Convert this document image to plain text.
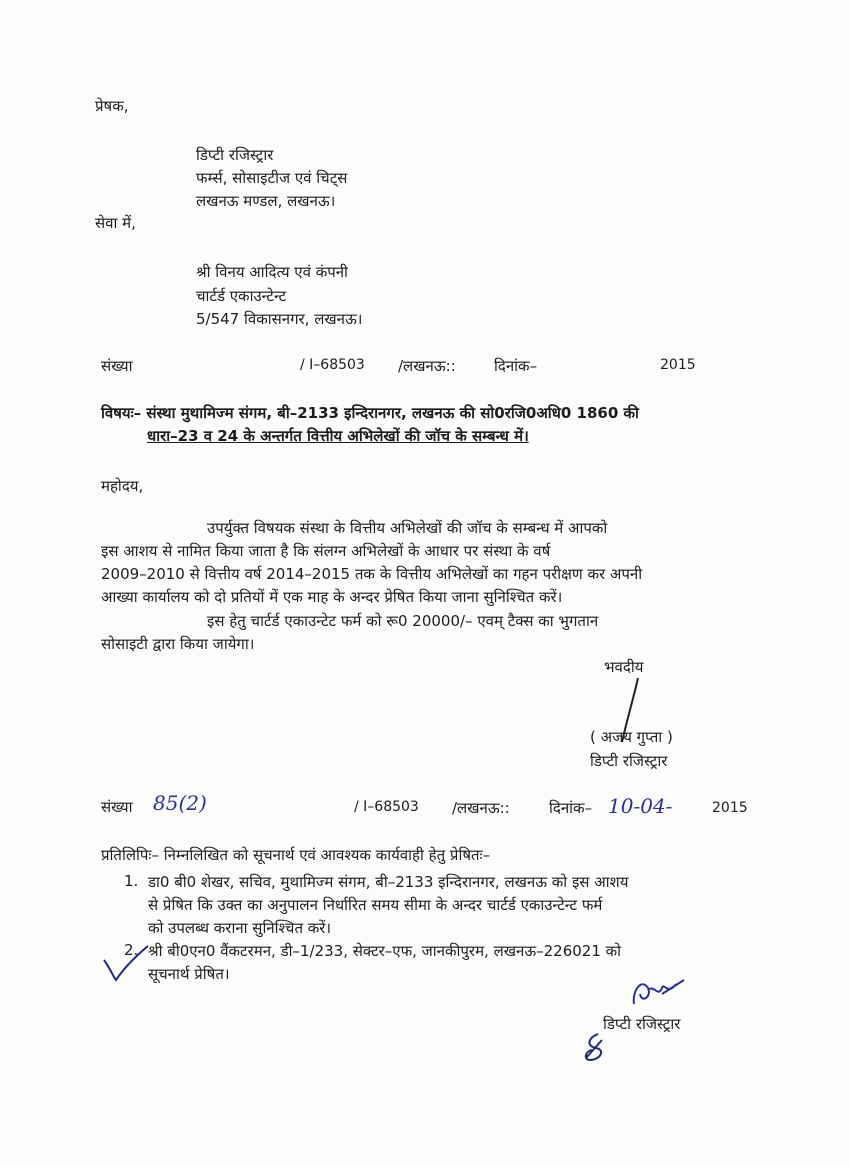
प्रेषक,
डिप्टी रजिस्ट्रार
फर्म्स, सोसाइटीज एवं चिट्स
लखनऊ मण्डल, लखनऊ।
सेवा में,
श्री विनय आदित्य एवं कंपनी
चार्टर्ड एकाउन्टेन्ट
5/547 विकासनगर, लखनऊ।
संख्या	/ I–68503 /लखनऊ::	दिनांक–	2015
विषयः– संस्था मुथामिज्म संगम, बी–2133 इन्दिरानगर, लखनऊ की सो0रजि0अधि0 1860 की
धारा–23 व 24 के अन्तर्गत वित्तीय अभिलेखों की जॉच के सम्बन्ध में।
महोदय,
उपर्युक्त विषयक संस्था के वित्तीय अभिलेखों की जॉच के सम्बन्ध में आपको
इस आशय से नामित किया जाता है कि संलग्न अभिलेखों के आधार पर संस्था के वर्ष
2009–2010 से वित्तीय वर्ष 2014–2015 तक के वित्तीय अभिलेखों का गहन परीक्षण कर अपनी
आख्या कार्यालय को दो प्रतियों में एक माह के अन्दर प्रेषित किया जाना सुनिश्चित करें।
इस हेतु चार्टर्ड एकाउन्टेट फर्म को रू0 20000/– एवम् टैक्स का भुगतान
सोसाइटी द्वारा किया जायेगा।
भवदीय
( अजय गुप्ता )
डिप्टी रजिस्ट्रार
संख्या 85(2)	/ I–68503 /लखनऊ::	दिनांक– 10-04-	2015
प्रतिलिपिः– निम्नलिखित को सूचनार्थ एवं आवश्यक कार्यवाही हेतु प्रेषितः–
1. डा0 बी0 शेखर, सचिव, मुथामिज्म संगम, बी–2133 इन्दिरानगर, लखनऊ को इस आशय
से प्रेषित कि उक्त का अनुपालन निर्धारित समय सीमा के अन्दर चार्टर्ड एकाउन्टेन्ट फर्म
को उपलब्ध कराना सुनिश्चित करें।
2. श्री बी0एन0 वैंकटरमन, डी–1/233, सेक्टर–एफ, जानकीपुरम, लखनऊ–226021 को
सूचनार्थ प्रेषित।
डिप्टी रजिस्ट्रार
